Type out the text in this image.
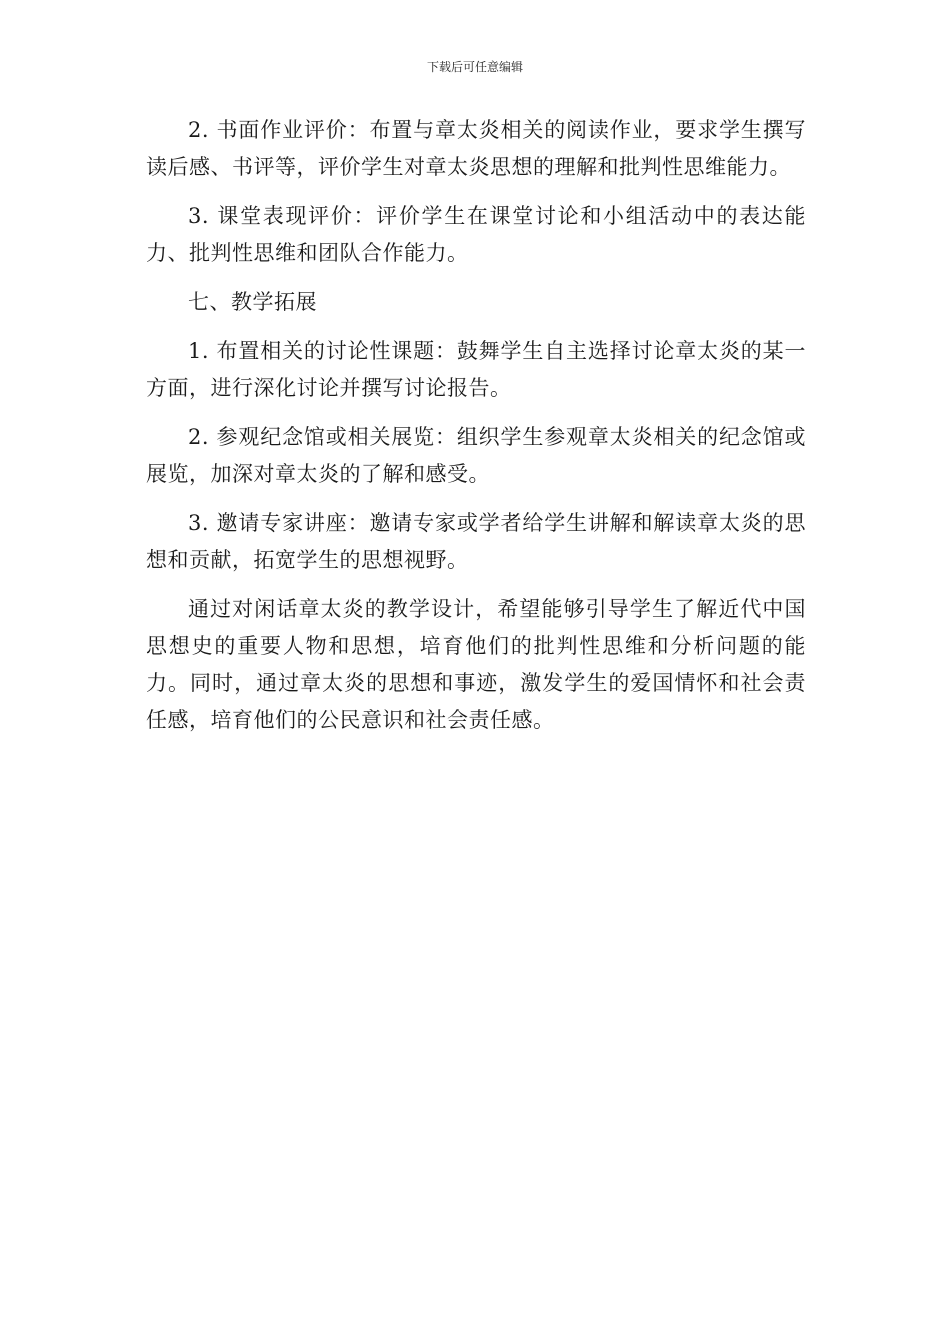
下载后可任意编辑

2. 书面作业评价：布置与章太炎相关的阅读作业，要求学生撰写读后感、书评等，评价学生对章太炎思想的理解和批判性思维能力。

3. 课堂表现评价：评价学生在课堂讨论和小组活动中的表达能力、批判性思维和团队合作能力。

七、教学拓展

1. 布置相关的讨论性课题：鼓舞学生自主选择讨论章太炎的某一方面，进行深化讨论并撰写讨论报告。

2. 参观纪念馆或相关展览：组织学生参观章太炎相关的纪念馆或展览，加深对章太炎的了解和感受。

3. 邀请专家讲座：邀请专家或学者给学生讲解和解读章太炎的思想和贡献，拓宽学生的思想视野。

通过对闲话章太炎的教学设计，希望能够引导学生了解近代中国思想史的重要人物和思想，培育他们的批判性思维和分析问题的能力。同时，通过章太炎的思想和事迹，激发学生的爱国情怀和社会责任感，培育他们的公民意识和社会责任感。
